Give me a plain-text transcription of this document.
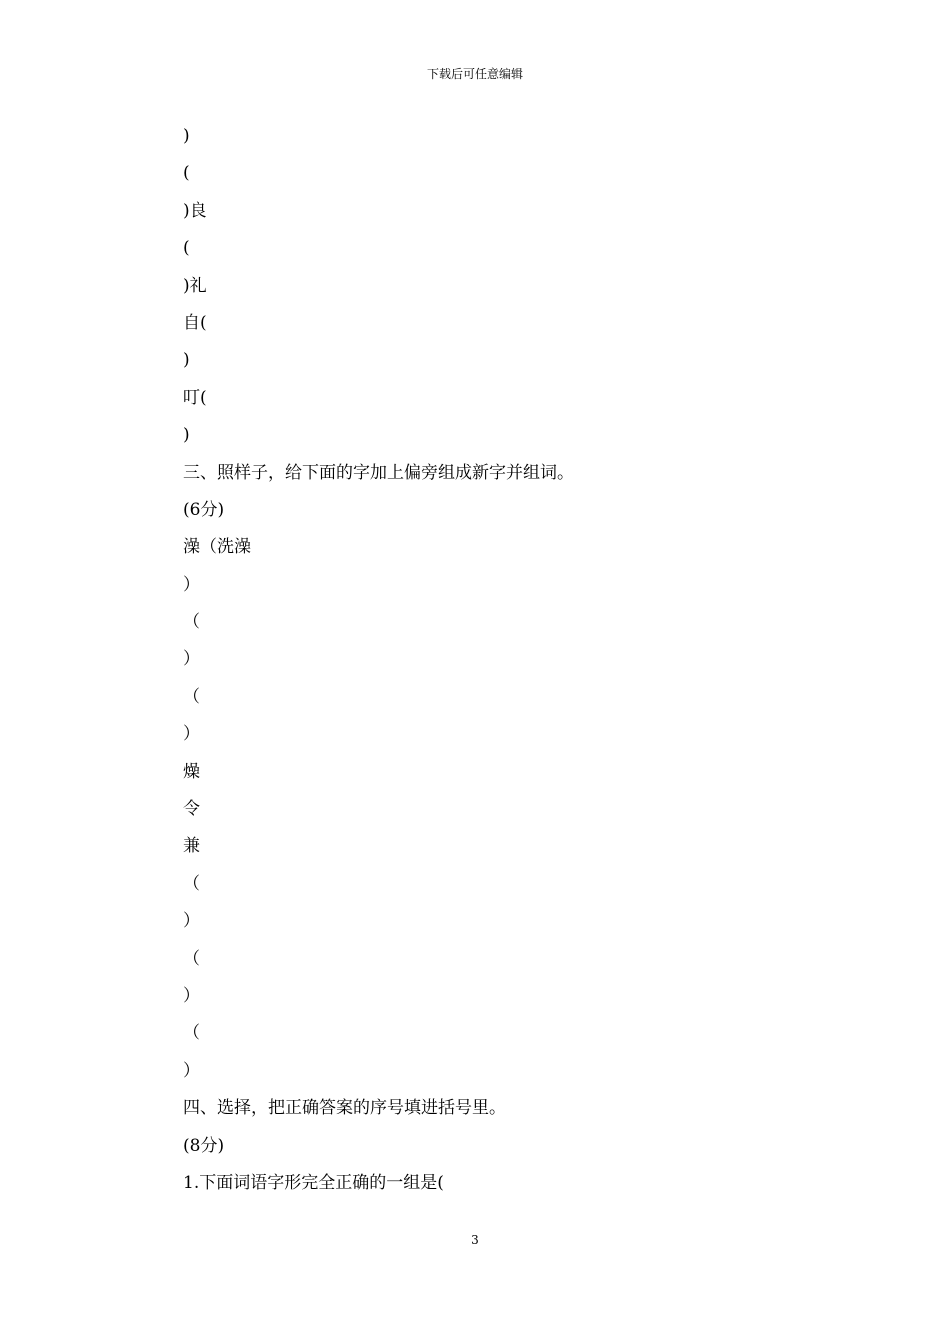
下载后可任意编辑
)
(
)良
(
)礼
自(
)
叮(
)
三、照样子，给下面的字加上偏旁组成新字并组词。
(6分)
澡（洗澡
）
（
）
（
）
燥
令
兼
（
）
（
）
（
）
四、选择，把正确答案的序号填进括号里。
(8分)
1.下面词语字形完全正确的一组是(
3
